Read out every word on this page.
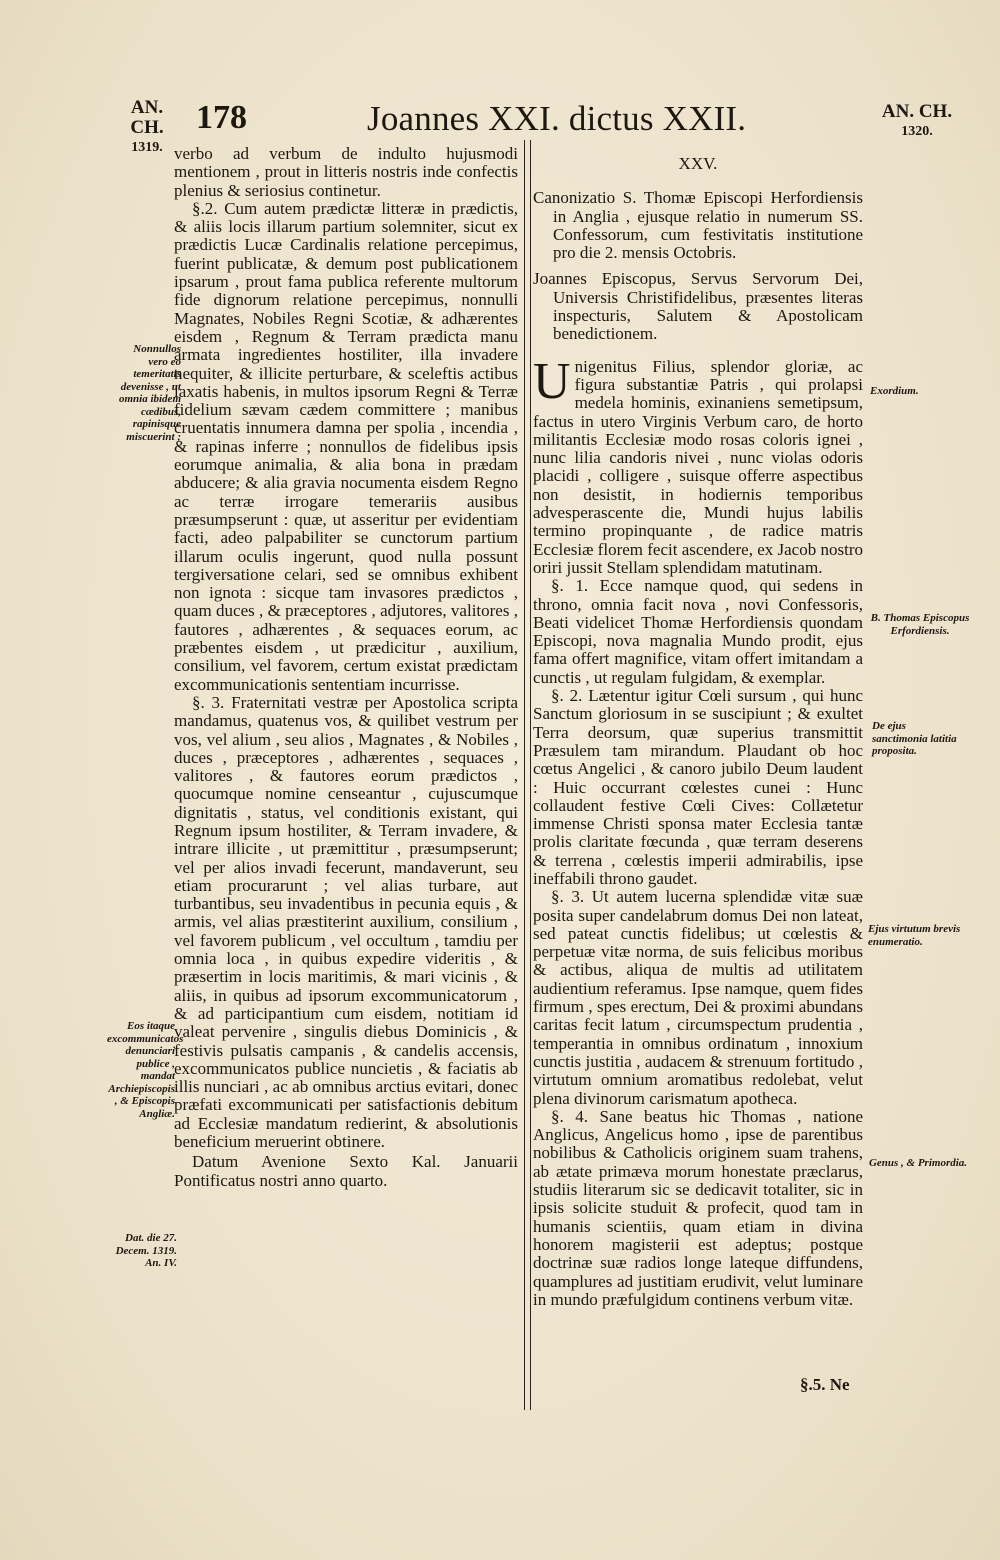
AN. CH.
1319.
178	Joannes XXI. dictus XXII.	AN. CH.
1320.
Nonnullos vero eo temeritatis devenisse , ut omnia ibidem cædibus, rapinisque miscuerint ;
Eos itaque excommunicatos denunciari publice , mandat Archiepiscopis , & Episcopis Angliæ.
Dat. die 27. Decem. 1319. An. IV.

verbo ad verbum de indulto hujusmodi mentionem , prout in litteris nostris inde confectis plenius & seriosius continetur.

§.2. Cum autem prædictæ litteræ in prædictis, & aliis locis illarum partium solemniter, sicut ex prædictis Lucæ Cardinalis relatione percepimus, fuerint publicatæ, & demum post publicationem ipsarum , prout fama publica referente multorum fide dignorum relatione percepimus, nonnulli Magnates, Nobiles Regni Scotiæ, & adhærentes eisdem , Regnum & Terram prædicta manu armata ingredientes hostiliter, illa invadere nequiter, & illicite perturbare, & sceleftis actibus laxatis habenis, in multos ipsorum Regni & Terræ fidelium sævam cædem committere ; manibus cruentatis innumera damna per spolia , incendia , & rapinas inferre ; nonnullos de fidelibus ipsis eorumque animalia, & alia bona in prædam abducere; & alia gravia nocumenta eisdem Regno ac terræ irrogare temerariis ausibus præsumpserunt : quæ, ut asseritur per evidentiam facti, adeo palpabiliter se cunctorum partium illarum oculis ingerunt, quod nulla possunt tergiversatione celari, sed se omnibus exhibent non ignota : sicque tam invasores prædictos , quam duces , & præceptores , adjutores, valitores , fautores , adhærentes , & sequaces eorum, ac præbentes eisdem , ut prædicitur , auxilium, consilium, vel favorem, certum existat prædictam excommunicationis sententiam incurrisse.

§. 3. Fraternitati vestræ per Apostolica scripta mandamus, quatenus vos, & quilibet vestrum per vos, vel alium , seu alios , Magnates , & Nobiles , duces , præceptores , adhærentes , sequaces , valitores , & fautores eorum prædictos , quocumque nomine censeantur , cujuscumque dignitatis , status, vel conditionis existant, qui Regnum ipsum hostiliter, & Terram invadere, & intrare illicite , ut præmittitur , præsumpserunt; vel per alios invadi fecerunt, mandaverunt, seu etiam procurarunt ; vel alias turbare, aut turbantibus, seu invadentibus in pecunia equis , & armis, vel alias præstiterint auxilium, consilium , vel favorem publicum , vel occultum , tamdiu per omnia loca , in quibus expedire videritis , & præsertim in locis maritimis, & mari vicinis , & aliis, in quibus ad ipsorum excommunicatorum , & ad participantium cum eisdem, notitiam id valeat pervenire , singulis diebus Dominicis , & festivis pulsatis campanis , & candelis accensis, excommunicatos publice nuncietis , & faciatis ab illis nunciari , ac ab omnibus arctius evitari, donec præfati excommunicati per satisfactionis debitum ad Ecclesiæ mandatum redierint, & absolutionis beneficium meruerint obtinere.

Datum Avenione Sexto Kal. Januarii Pontificatus nostri anno quarto.

XXV.

Canonizatio S. Thomæ Episcopi Herfordiensis in Anglia , ejusque relatio in numerum SS. Confessorum, cum festivitatis institutione pro die 2. mensis Octobris.

Joannes Episcopus, Servus Servorum Dei, Universis Christifidelibus, præsentes literas inspecturis, Salutem & Apostolicam benedictionem.

Unigenitus Filius, splendor gloriæ, ac figura substantiæ Patris , qui prolapsi medela hominis, exinaniens semetipsum, factus in utero Virginis Verbum caro, de horto militantis Ecclesiæ modo rosas coloris ignei , nunc lilia candoris nivei , nunc violas odoris placidi , colligere , suisque offerre aspectibus non desistit, in hodiernis temporibus advesperascente die, Mundi hujus labilis termino propinquante , de radice matris Ecclesiæ florem fecit ascendere, ex Jacob nostro oriri jussit Stellam splendidam matutinam.

§. 1. Ecce namque quod, qui sedens in throno, omnia facit nova , novi Confessoris, Beati videlicet Thomæ Herfordiensis quondam Episcopi, nova magnalia Mundo prodit, ejus fama offert magnifice, vitam offert imitandam a cunctis , ut regulam fulgidam, & exemplar.

§. 2. Lætentur igitur Cœli sursum , qui hunc Sanctum gloriosum in se suscipiunt ; & exultet Terra deorsum, quæ superius transmittit Præsulem tam mirandum. Plaudant ob hoc cœtus Angelici , & canoro jubilo Deum laudent : Huic occurrant cœlestes cunei : Hunc collaudent festive Cœli Cives: Collætetur immense Christi sponsa mater Ecclesia tantæ prolis claritate fœcunda , quæ terram deserens & terrena , cœlestis imperii admirabilis, ipse ineffabili throno gaudet.

§. 3. Ut autem lucerna splendidæ vitæ suæ posita super candelabrum domus Dei non lateat, sed pateat cunctis fidelibus; ut cœlestis & perpetuæ vitæ norma, de suis felicibus moribus & actibus, aliqua de multis ad utilitatem audientium referamus. Ipse namque, quem fides firmum , spes erectum, Dei & proximi abundans caritas fecit latum , circumspectum prudentia , temperantia in omnibus ordinatum , innoxium cunctis justitia , audacem & strenuum fortitudo , virtutum omnium aromatibus redolebat, velut plena divinorum carismatum apotheca.

§. 4. Sane beatus hic Thomas , natione Anglicus, Angelicus homo , ipse de parentibus nobilibus & Catholicis originem suam trahens, ab ætate primæva morum honestate præclarus, studiis literarum sic se dedicavit totaliter, sic in ipsis solicite studuit & profecit, quod tam in humanis scientiis, quam etiam in divina honorem magisterii est adeptus; postque doctrinæ suæ radios longe lateque diffundens, quamplures ad justitiam erudivit, velut luminare in mundo præfulgidum continens verbum vitæ.

Exordium.
B. Thomas Episcopus Erfordiensis.
De ejus sanctimonia latitia proposita.
Ejus virtutum brevis enumeratio.
Genus , & Primordia.
§.5. Ne
